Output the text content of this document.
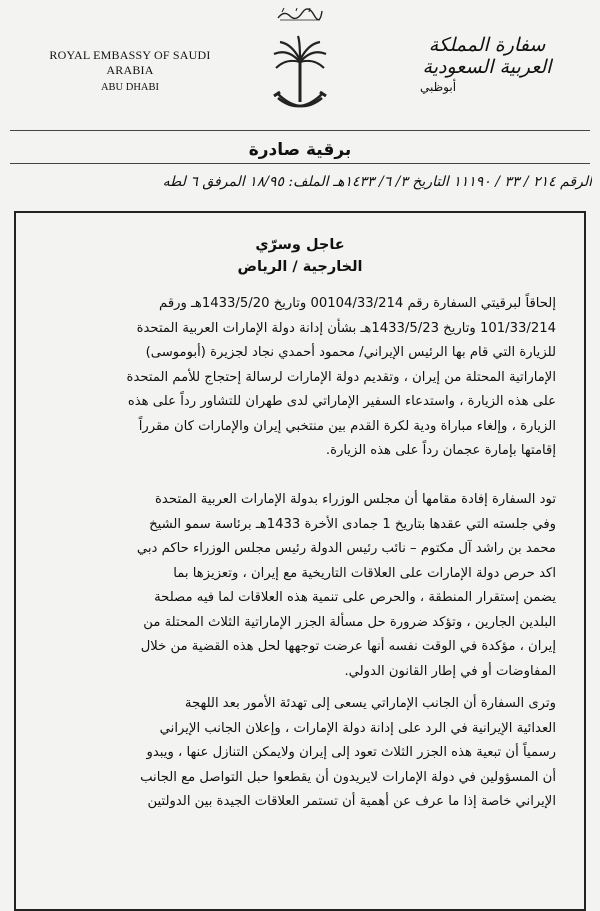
ROYAL EMBASSY OF SAUDI ARABIA
ABU DHABI
سفارة المملكة العربية السعودية
أبوظبي
برقية صادرة
الرقم ٢١٤ / ٣٣ / ١١١٩٠ التاريخ ٣/ ٦/ ١٤٣٣هـ الملف: ١٨/٩٥ المرفق ٦ لطه
عاجل وسرّي
الخارجية / الرياض
إلحاقاً لبرقيتي السفارة رقم 00104/33/214 وتاريخ 1433/5/20هـ ورقم
101/33/214 وتاريخ 1433/5/23هـ بشأن إدانة دولة الإمارات العربية المتحدة
للزيارة التي قام بها الرئيس الإيراني/ محمود أحمدي نجاد لجزيرة (أبوموسى)
الإماراتية المحتلة من إيران ، وتقديم دولة الإمارات لرسالة إحتجاج للأمم المتحدة
على هذه الزيارة ، واستدعاء السفير الإماراتي لدى طهران للتشاور رداً على هذه
الزيارة ، وإلغاء مباراة ودية لكرة القدم بين منتخبي إيران والإمارات كان مقرراً
إقامتها بإمارة عجمان رداً على هذه الزيارة.
تود السفارة إفادة مقامها أن مجلس الوزراء بدولة الإمارات العربية المتحدة
وفي جلسته التي عقدها بتاريخ 1 جمادى الأخرة 1433هـ برئاسة سمو الشيخ
محمد بن راشد آل مكتوم – نائب رئيس الدولة رئيس مجلس الوزراء حاكم دبي
اكد حرص دولة الإمارات على العلاقات التاريخية مع إيران ، وتعزيزها بما
يضمن إستقرار المنطقة ، والحرص على تنمية هذه العلاقات لما فيه مصلحة
البلدين الجارين ، وتؤكد ضرورة حل مسألة الجزر الإماراتية الثلاث المحتلة من
إيران ، مؤكدة في الوقت نفسه أنها عرضت توجهها لحل هذه القضية من خلال
المفاوضات أو في إطار القانون الدولي.
وترى السفارة أن الجانب الإماراتي يسعى إلى تهدئة الأمور بعد اللهجة
العدائية الإيرانية في الرد على إدانة دولة الإمارات ، وإعلان الجانب الإيراني
رسمياً أن تبعية هذه الجزر الثلاث تعود إلى إيران ولايمكن التنازل عنها ، ويبدو
أن المسؤولين في دولة الإمارات لايريدون أن يقطعوا حبل التواصل مع الجانب
الإيراني خاصة إذا ما عرف عن أهمية أن تستمر العلاقات الجيدة بين الدولتين
